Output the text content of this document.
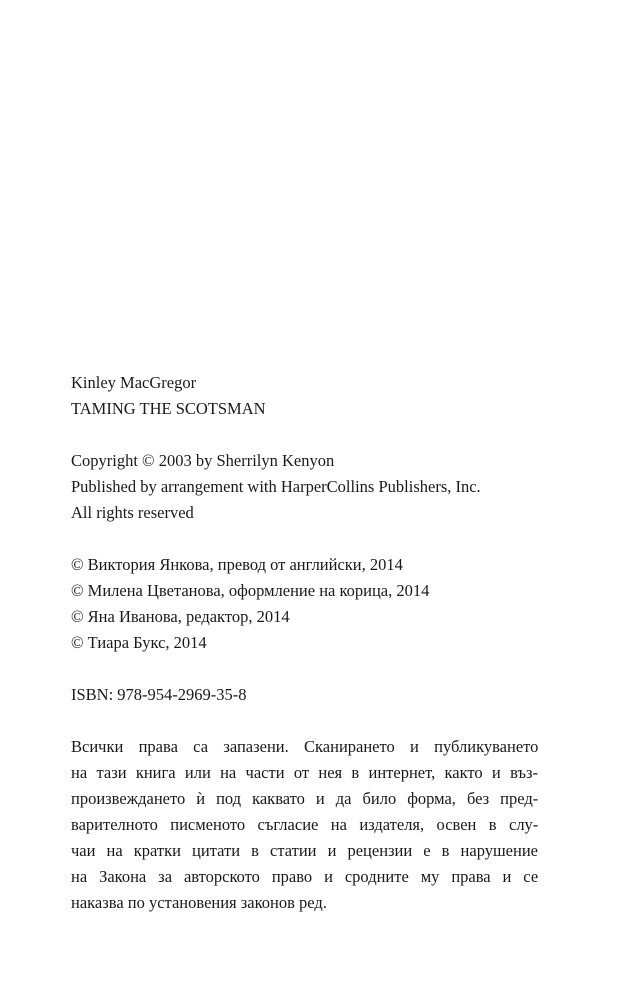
Kinley MacGregor
TAMING THE SCOTSMAN
Copyright © 2003 by Sherrilyn Kenyon
Published by arrangement with HarperCollins Publishers, Inc.
All rights reserved
© Виктория Янкова, превод от английски, 2014
© Милена Цветанова, оформление на корица, 2014
© Яна Иванова, редактор, 2014
© Тиара Букс, 2014
ISBN: 978-954-2969-35-8
Всички права са запазени. Сканирането и публикуването
на тази книга или на части от нея в интернет, както и въз-
произвеждането ѝ под каквато и да било форма, без пред-
варителното писменото съгласие на издателя, освен в слу-
чаи на кратки цитати в статии и рецензии е в нарушение
на Закона за авторското право и сродните му права и се
наказва по установения законов ред.
